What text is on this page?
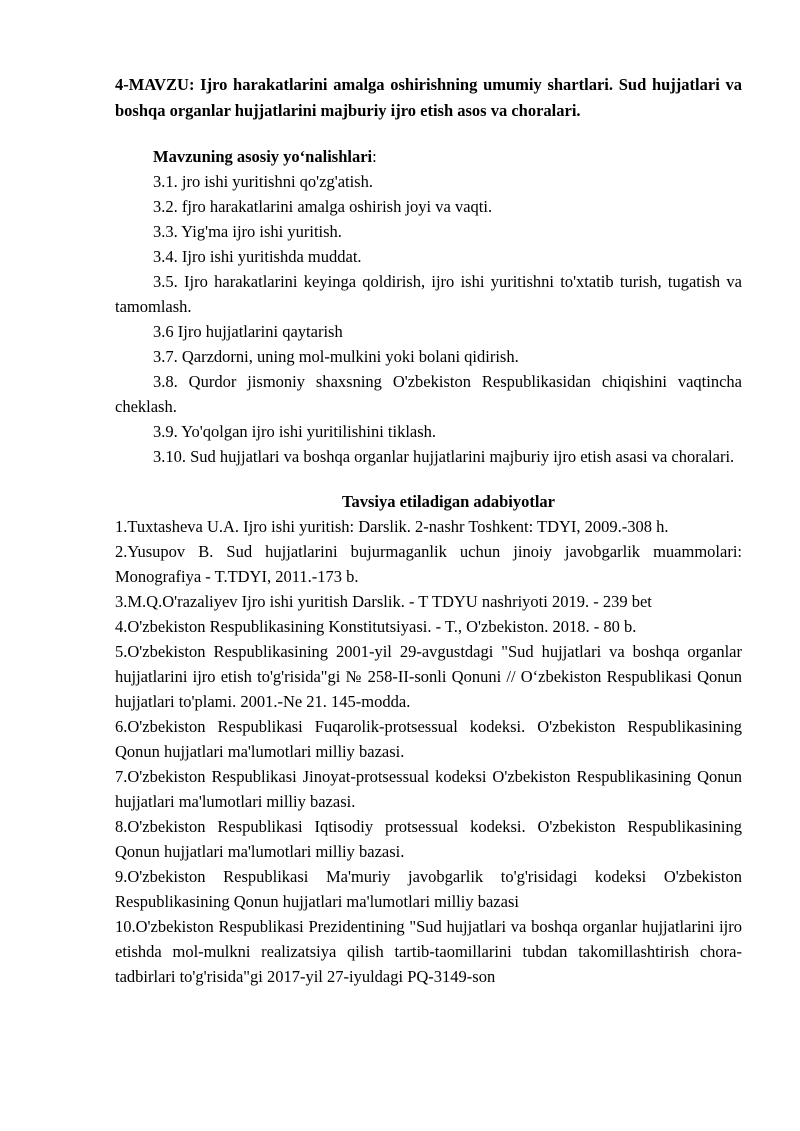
4-MAVZU: Ijro harakatlarini amalga oshirishning umumiy shartlari. Sud hujjatlari va boshqa organlar hujjatlarini majburiy ijro etish asos va choralari.

Mavzuning asosiy yo‘nalishlari:

3.1. jro ishi yuritishni qo'zg'atish.

3.2. fjro harakatlarini amalga oshirish joyi va vaqti.

3.3. Yig'ma ijro ishi yuritish.

3.4. Ijro ishi yuritishda muddat.

3.5. Ijro harakatlarini keyinga qoldirish, ijro ishi yuritishni to'xtatib turish, tugatish va tamomlash.

3.6 Ijro hujjatlarini qaytarish

3.7. Qarzdorni, uning mol-mulkini yoki bolani qidirish.

3.8. Qurdor jismoniy shaxsning O'zbekiston Respublikasidan chiqishini vaqtincha cheklash.

3.9. Yo'qolgan ijro ishi yuritilishini tiklash.

3.10. Sud hujjatlari va boshqa organlar hujjatlarini majburiy ijro etish asasi va choralari.

Tavsiya etiladigan adabiyotlar

1.Tuxtasheva U.A. Ijro ishi yuritish: Darslik. 2-nashr Toshkent: TDYI, 2009.-308 h.

2.Yusupov B. Sud hujjatlarini bujurmaganlik uchun jinoiy javobgarlik muammolari: Monografiya - T.TDYI, 2011.-173 b.

3.M.Q.O'razaliyev Ijro ishi yuritish Darslik. - T TDYU nashriyoti 2019. - 239 bet

4.O'zbekiston Respublikasining Konstitutsiyasi. - T., O'zbekiston. 2018. - 80 b.

5.O'zbekiston Respublikasining 2001-yil 29-avgustdagi "Sud hujjatlari va boshqa organlar hujjatlarini ijro etish to'g'risida"gi № 258-II-sonli Qonuni // O‘zbekiston Respublikasi Qonun hujjatlari to'plami. 2001.-Ne 21. 145-modda.

6.O'zbekiston Respublikasi Fuqarolik-protsessual kodeksi. O'zbekiston Respublikasining Qonun hujjatlari ma'lumotlari milliy bazasi.

7.O'zbekiston Respublikasi Jinoyat-protsessual kodeksi O'zbekiston Respublikasining Qonun hujjatlari ma'lumotlari milliy bazasi.

8.O'zbekiston Respublikasi Iqtisodiy protsessual kodeksi. O'zbekiston Respublikasining Qonun hujjatlari ma'lumotlari milliy bazasi.

9.O'zbekiston Respublikasi Ma'muriy javobgarlik to'g'risidagi kodeksi O'zbekiston Respublikasining Qonun hujjatlari ma'lumotlari milliy bazasi

10.O'zbekiston Respublikasi Prezidentining "Sud hujjatlari va boshqa organlar hujjatlarini ijro etishda mol-mulkni realizatsiya qilish tartib-taomillarini tubdan takomillashtirish chora-tadbirlari to'g'risida"gi 2017-yil 27-iyuldagi PQ-3149-son
